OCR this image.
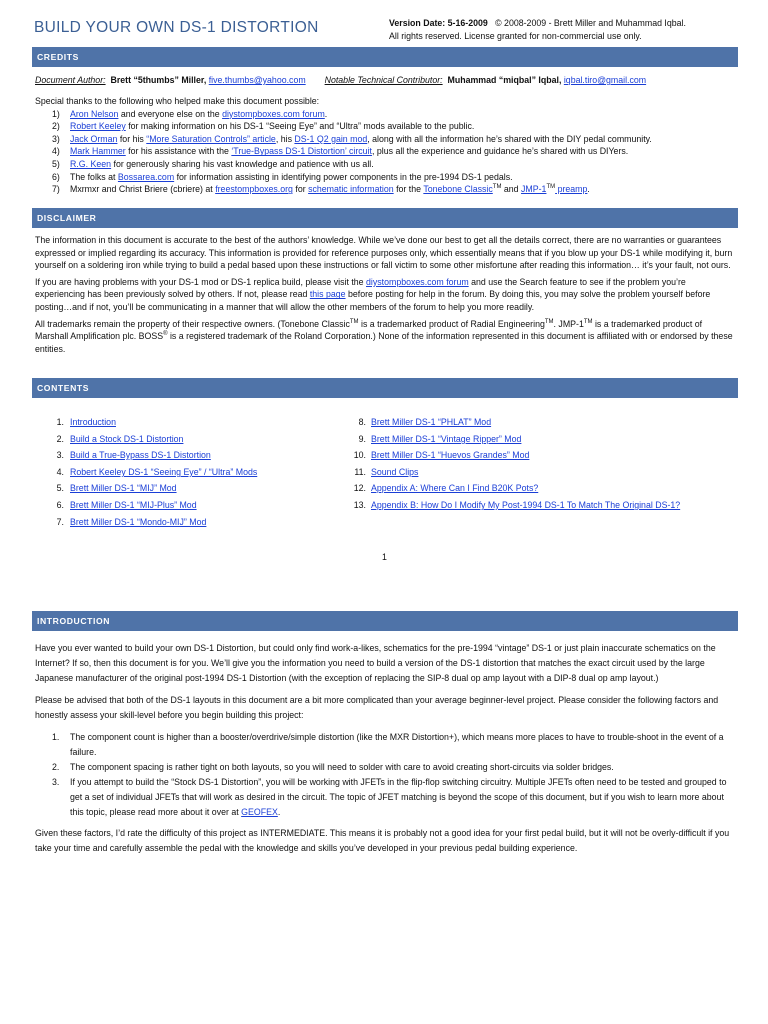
BUILD YOUR OWN DS-1 DISTORTION	Version Date: 5-16-2009 © 2008-2009 - Brett Miller and Muhammad Iqbal.
All rights reserved. License granted for non-commercial use only.
CREDITS
Document Author: Brett “5thumbs” Miller, five.thumbs@yahoo.com Notable Technical Contributor: Muhammad “miqbal” Iqbal, iqbal.tiro@gmail.com
Special thanks to the following who helped make this document possible:
1) Aron Nelson and everyone else on the diystompboxes.com forum.
2) Robert Keeley for making information on his DS-1 “Seeing Eye” and “Ultra” mods available to the public.
3) Jack Orman for his “More Saturation Controls” article, his DS-1 Q2 gain mod, along with all the information he’s shared with the DIY pedal community.
4) Mark Hammer for his assistance with the ‘True-Bypass DS-1 Distortion’ circuit, plus all the experience and guidance he’s shared with us DIYers.
5) R.G. Keen for generously sharing his vast knowledge and patience with us all.
6) The folks at Bossarea.com for information assisting in identifying power components in the pre-1994 DS-1 pedals.
7) Mxrmxr and Christ Briere (cbriere) at freestompboxes.org for schematic information for the Tonebone Classic™ and JMP-1™ preamp.
DISCLAIMER
The information in this document is accurate to the best of the authors’ knowledge. While we’ve done our best to get all the details correct, there are no warranties or guarantees expressed or implied regarding its accuracy. This information is provided for reference purposes only, which essentially means that if you blow up your DS-1 while modifying it, burn yourself on a soldering iron while trying to build a pedal based upon these instructions or fall victim to some other misfortune after reading this information… it’s your fault, not ours.
If you are having problems with your DS-1 mod or DS-1 replica build, please visit the diystompboxes.com forum and use the Search feature to see if the problem you’re experiencing has been previously solved by others. If not, please read this page before posting for help in the forum. By doing this, you may solve the problem yourself before posting…and if not, you’ll be communicating in a manner that will allow the other members of the forum to help you more readily.
All trademarks remain the property of their respective owners. (Tonebone Classic™ is a trademarked product of Radial Engineering™. JMP-1™ is a trademarked product of Marshall Amplification plc. BOSS® is a registered trademark of the Roland Corporation.) None of the information represented in this document is affiliated with or endorsed by these entities.
CONTENTS
1. Introduction
2. Build a Stock DS-1 Distortion
3. Build a True-Bypass DS-1 Distortion
4. Robert Keeley DS-1 “Seeing Eye” / “Ultra” Mods
5. Brett Miller DS-1 “MIJ” Mod
6. Brett Miller DS-1 “MIJ-Plus” Mod
7. Brett Miller DS-1 “Mondo-MIJ” Mod
8. Brett Miller DS-1 “PHLAT” Mod
9. Brett Miller DS-1 “Vintage Ripper” Mod
10. Brett Miller DS-1 “Huevos Grandes” Mod
11. Sound Clips
12. Appendix A: Where Can I Find B20K Pots?
13. Appendix B: How Do I Modify My Post-1994 DS-1 To Match The Original DS-1?
1
INTRODUCTION
Have you ever wanted to build your own DS-1 Distortion, but could only find work-a-likes, schematics for the pre-1994 “vintage” DS-1 or just plain inaccurate schematics on the Internet? If so, then this document is for you. We’ll give you the information you need to build a version of the DS-1 distortion that matches the exact circuit used by the large Japanese manufacturer of the original post-1994 DS-1 Distortion (with the exception of replacing the SIP-8 dual op amp layout with a DIP-8 dual op amp layout.)
Please be advised that both of the DS-1 layouts in this document are a bit more complicated than your average beginner-level project. Please consider the following factors and honestly assess your skill-level before you begin building this project:
1. The component count is higher than a booster/overdrive/simple distortion (like the MXR Distortion+), which means more places to have to trouble-shoot in the event of a failure.
2. The component spacing is rather tight on both layouts, so you will need to solder with care to avoid creating short-circuits via solder bridges.
3. If you attempt to build the “Stock DS-1 Distortion”, you will be working with JFETs in the flip-flop switching circuitry. Multiple JFETs often need to be tested and grouped to get a set of individual JFETs that will work as desired in the circuit. The topic of JFET matching is beyond the scope of this document, but if you wish to learn more about this topic, please read more about it over at GEOFEX.
Given these factors, I’d rate the difficulty of this project as INTERMEDIATE. This means it is probably not a good idea for your first pedal build, but it will not be overly-difficult if you take your time and carefully assemble the pedal with the knowledge and skills you’ve developed in your previous pedal building experience.
